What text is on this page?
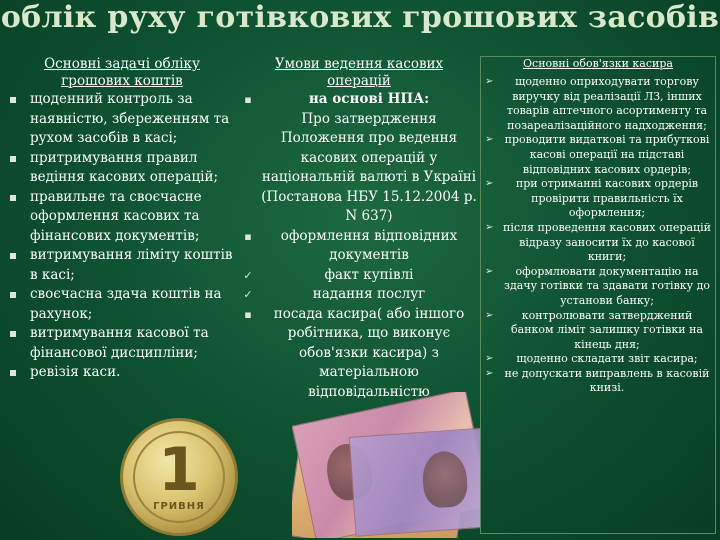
облік руху готівкових грошових засобів
Основні задачі обліку грошових коштів
щоденний контроль за наявністю, збереженням та рухом засобів в касі;
притримування правил ведіння касових операцій;
правильне та своєчасне оформлення касових та фінансових документів;
витримування ліміту коштів в касі;
своєчасна здача коштів на рахунок;
витримування касової та фінансової дисципліни;
ревізія каси.
1
ГРИВНЯ
Умови ведення касових операцій
▪	на основі НПА:
Про затвердження Положення про ведення касових операцій у національній валюті в Україні (Постанова НБУ 15.12.2004 р. N 637)
▪ оформлення відповідних документів
✓	факт купівлі
✓	надання послуг
▪ посада касира( або іншого робітника, що виконує обов'язки касира) з матеріальною відповідальністю
Основні обов'язки касира
➢ щоденно оприходувати торгову виручку від реалізації ЛЗ, інших товарів аптечного асортименту та позареалізаційного надходження;
➢ проводити видаткові та прибуткові касові операції на підставі відповідних касових ордерів;
➢ при отриманні касових ордерів провірити правильність їх оформлення;
➢ після проведення касових операцій відразу заносити їх до касової книги;
➢ оформлювати документацію на здачу готівки та здавати готівку до установи банку;
➢	контролювати затверджений банком ліміт залишку готівки на кінець дня;
➢ щоденно складати звіт касира;
➢ не допускати виправлень в касовій книзі.
